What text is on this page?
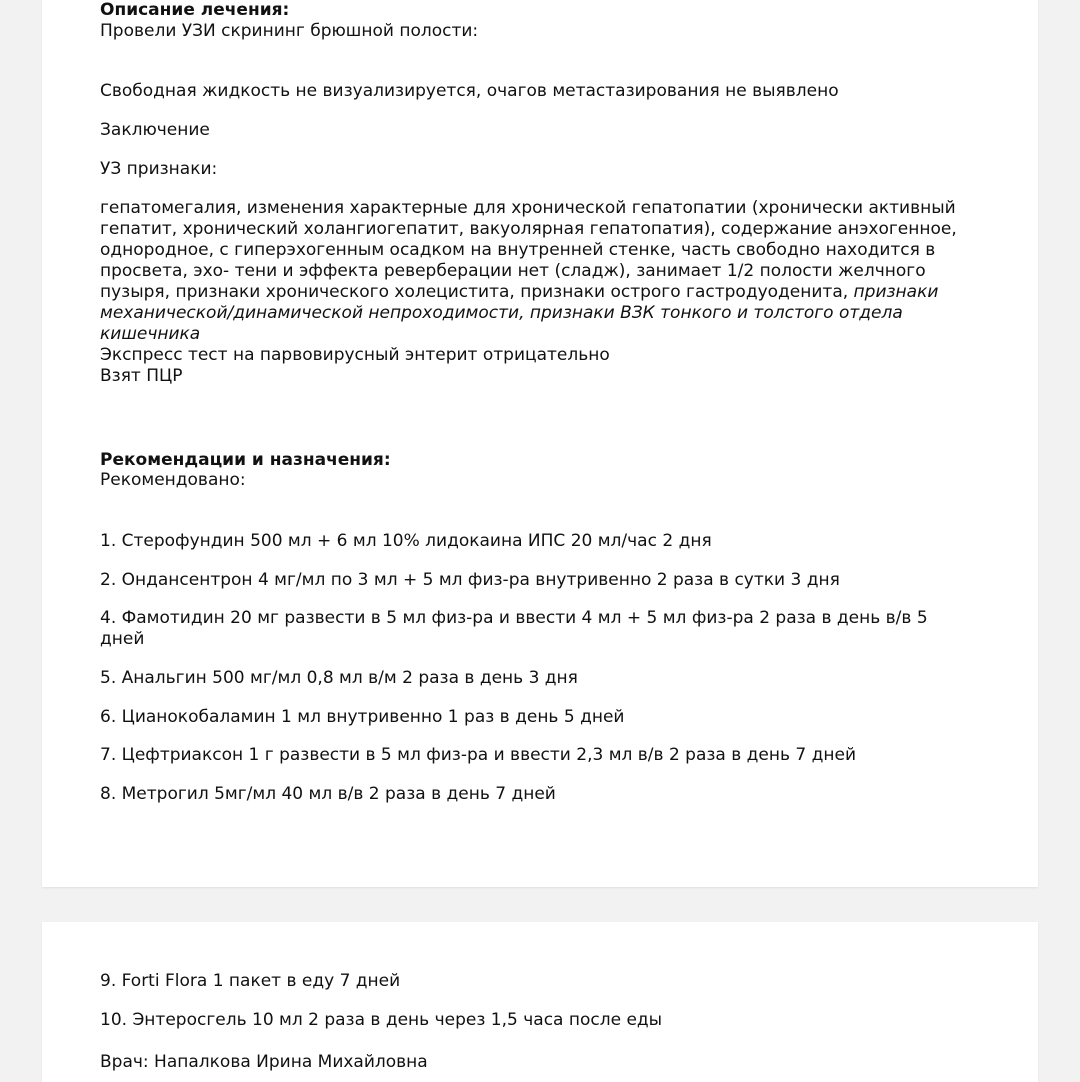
Описание лечения:
Провели УЗИ скрининг брюшной полости:
Свободная жидкость не визуализируется, очагов метастазирования не выявлено
Заключение
УЗ признаки:
гепатомегалия, изменения характерные для хронической гепатопатии (хронически активный
гепатит, хронический холангиогепатит, вакуолярная гепатопатия), содержание анэхогенное,
однородное, с гиперэхогенным осадком на внутренней стенке, часть свободно находится в
просвета, эхо- тени и эффекта реверберации нет (сладж), занимает 1/2 полости желчного
пузыря, признаки хронического холецистита, признаки острого гастродуоденита, признаки
механической/динамической непроходимости, признаки ВЗК тонкого и толстого отдела
кишечника
Экспресс тест на парвовирусный энтерит отрицательно
Взят ПЦР
Рекомендации и назначения:
Рекомендовано:
1. Стерофундин 500 мл + 6 мл 10% лидокаина ИПС 20 мл/час 2 дня
2. Ондансентрон 4 мг/мл по 3 мл + 5 мл физ-ра внутривенно 2 раза в сутки 3 дня
4. Фамотидин 20 мг развести в 5 мл физ-ра и ввести 4 мл + 5 мл физ-ра 2 раза в день в/в 5
дней
5. Анальгин 500 мг/мл 0,8 мл в/м 2 раза в день 3 дня
6. Цианокобаламин 1 мл внутривенно 1 раз в день 5 дней
7. Цефтриаксон 1 г развести в 5 мл физ-ра и ввести 2,3 мл в/в 2 раза в день 7 дней
8. Метрогил 5мг/мл 40 мл в/в 2 раза в день 7 дней
9. Forti Flora 1 пакет в еду 7 дней
10. Энтеросгель 10 мл 2 раза в день через 1,5 часа после еды
Врач: Напалкова Ирина Михайловна
